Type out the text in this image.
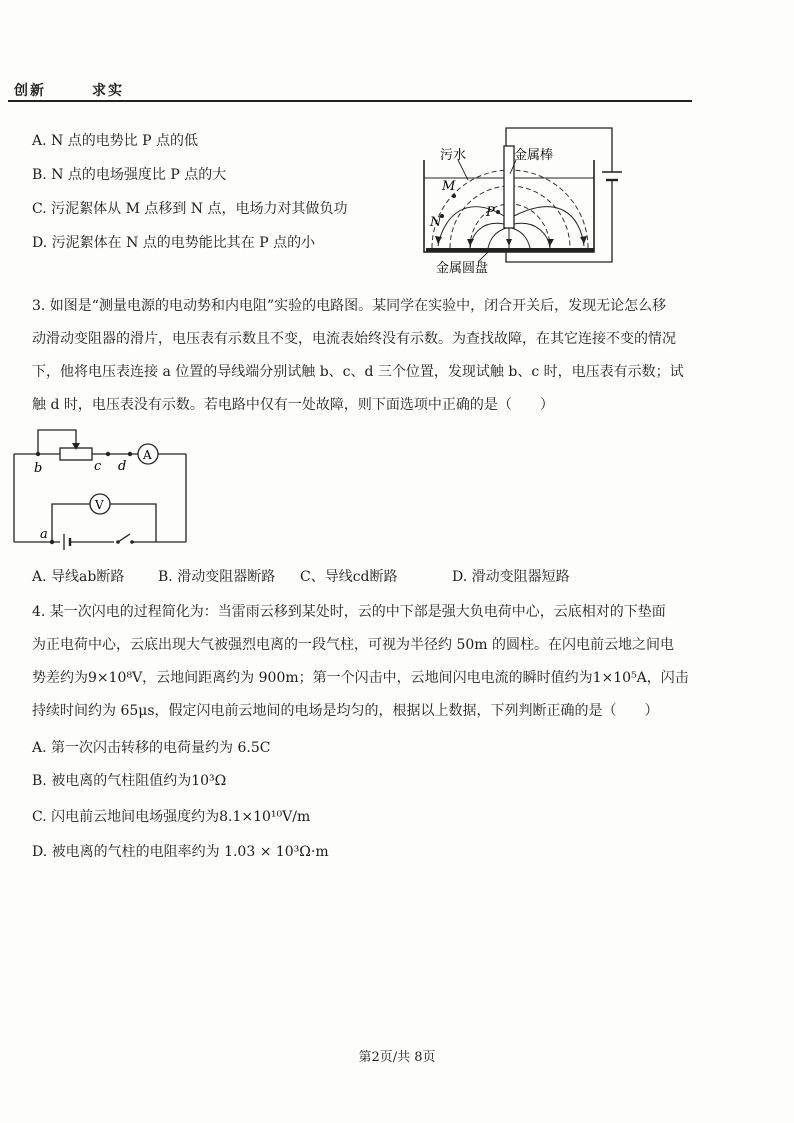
创新	求实
A. N 点的电势比 P 点的低
B. N 点的电场强度比 P 点的大
C. 污泥絮体从 M 点移到 N 点，电场力对其做负功
D. 污泥絮体在 N 点的电势能比其在 P 点的小
污水	金属棒
金属圆盘
M
N
P
3. 如图是“测量电源的电动势和内电阻”实验的电路图。某同学在实验中，闭合开关后，发现无论怎么移
动滑动变阻器的滑片，电压表有示数且不变，电流表始终没有示数。为查找故障，在其它连接不变的情况
下，他将电压表连接 a 位置的导线端分别试触 b、c、d 三个位置，发现试触 b、c 时，电压表有示数；试
触 d 时，电压表没有示数。若电路中仅有一处故障，则下面选项中正确的是（　　）
b	c d
a
A
V
A. 导线ab断路 B. 滑动变阻器断路 C、导线cd断路	D. 滑动变阻器短路
4. 某一次闪电的过程简化为：当雷雨云移到某处时，云的中下部是强大负电荷中心，云底相对的下垫面
为正电荷中心，云底出现大气被强烈电离的一段气柱，可视为半径约 50m 的圆柱。在闪电前云地之间电
势差约为9×10⁸V，云地间距离约为 900m；第一个闪击中，云地间闪电电流的瞬时值约为1×10⁵A，闪击
持续时间约为 65μs，假定闪电前云地间的电场是均匀的，根据以上数据，下列判断正确的是（　　）
A. 第一次闪击转移的电荷量约为 6.5C
B. 被电离的气柱阻值约为10³Ω
C. 闪电前云地间电场强度约为8.1×10¹⁰V/m
D. 被电离的气柱的电阻率约为 1.03 × 10³Ω·m
第2页/共 8页
